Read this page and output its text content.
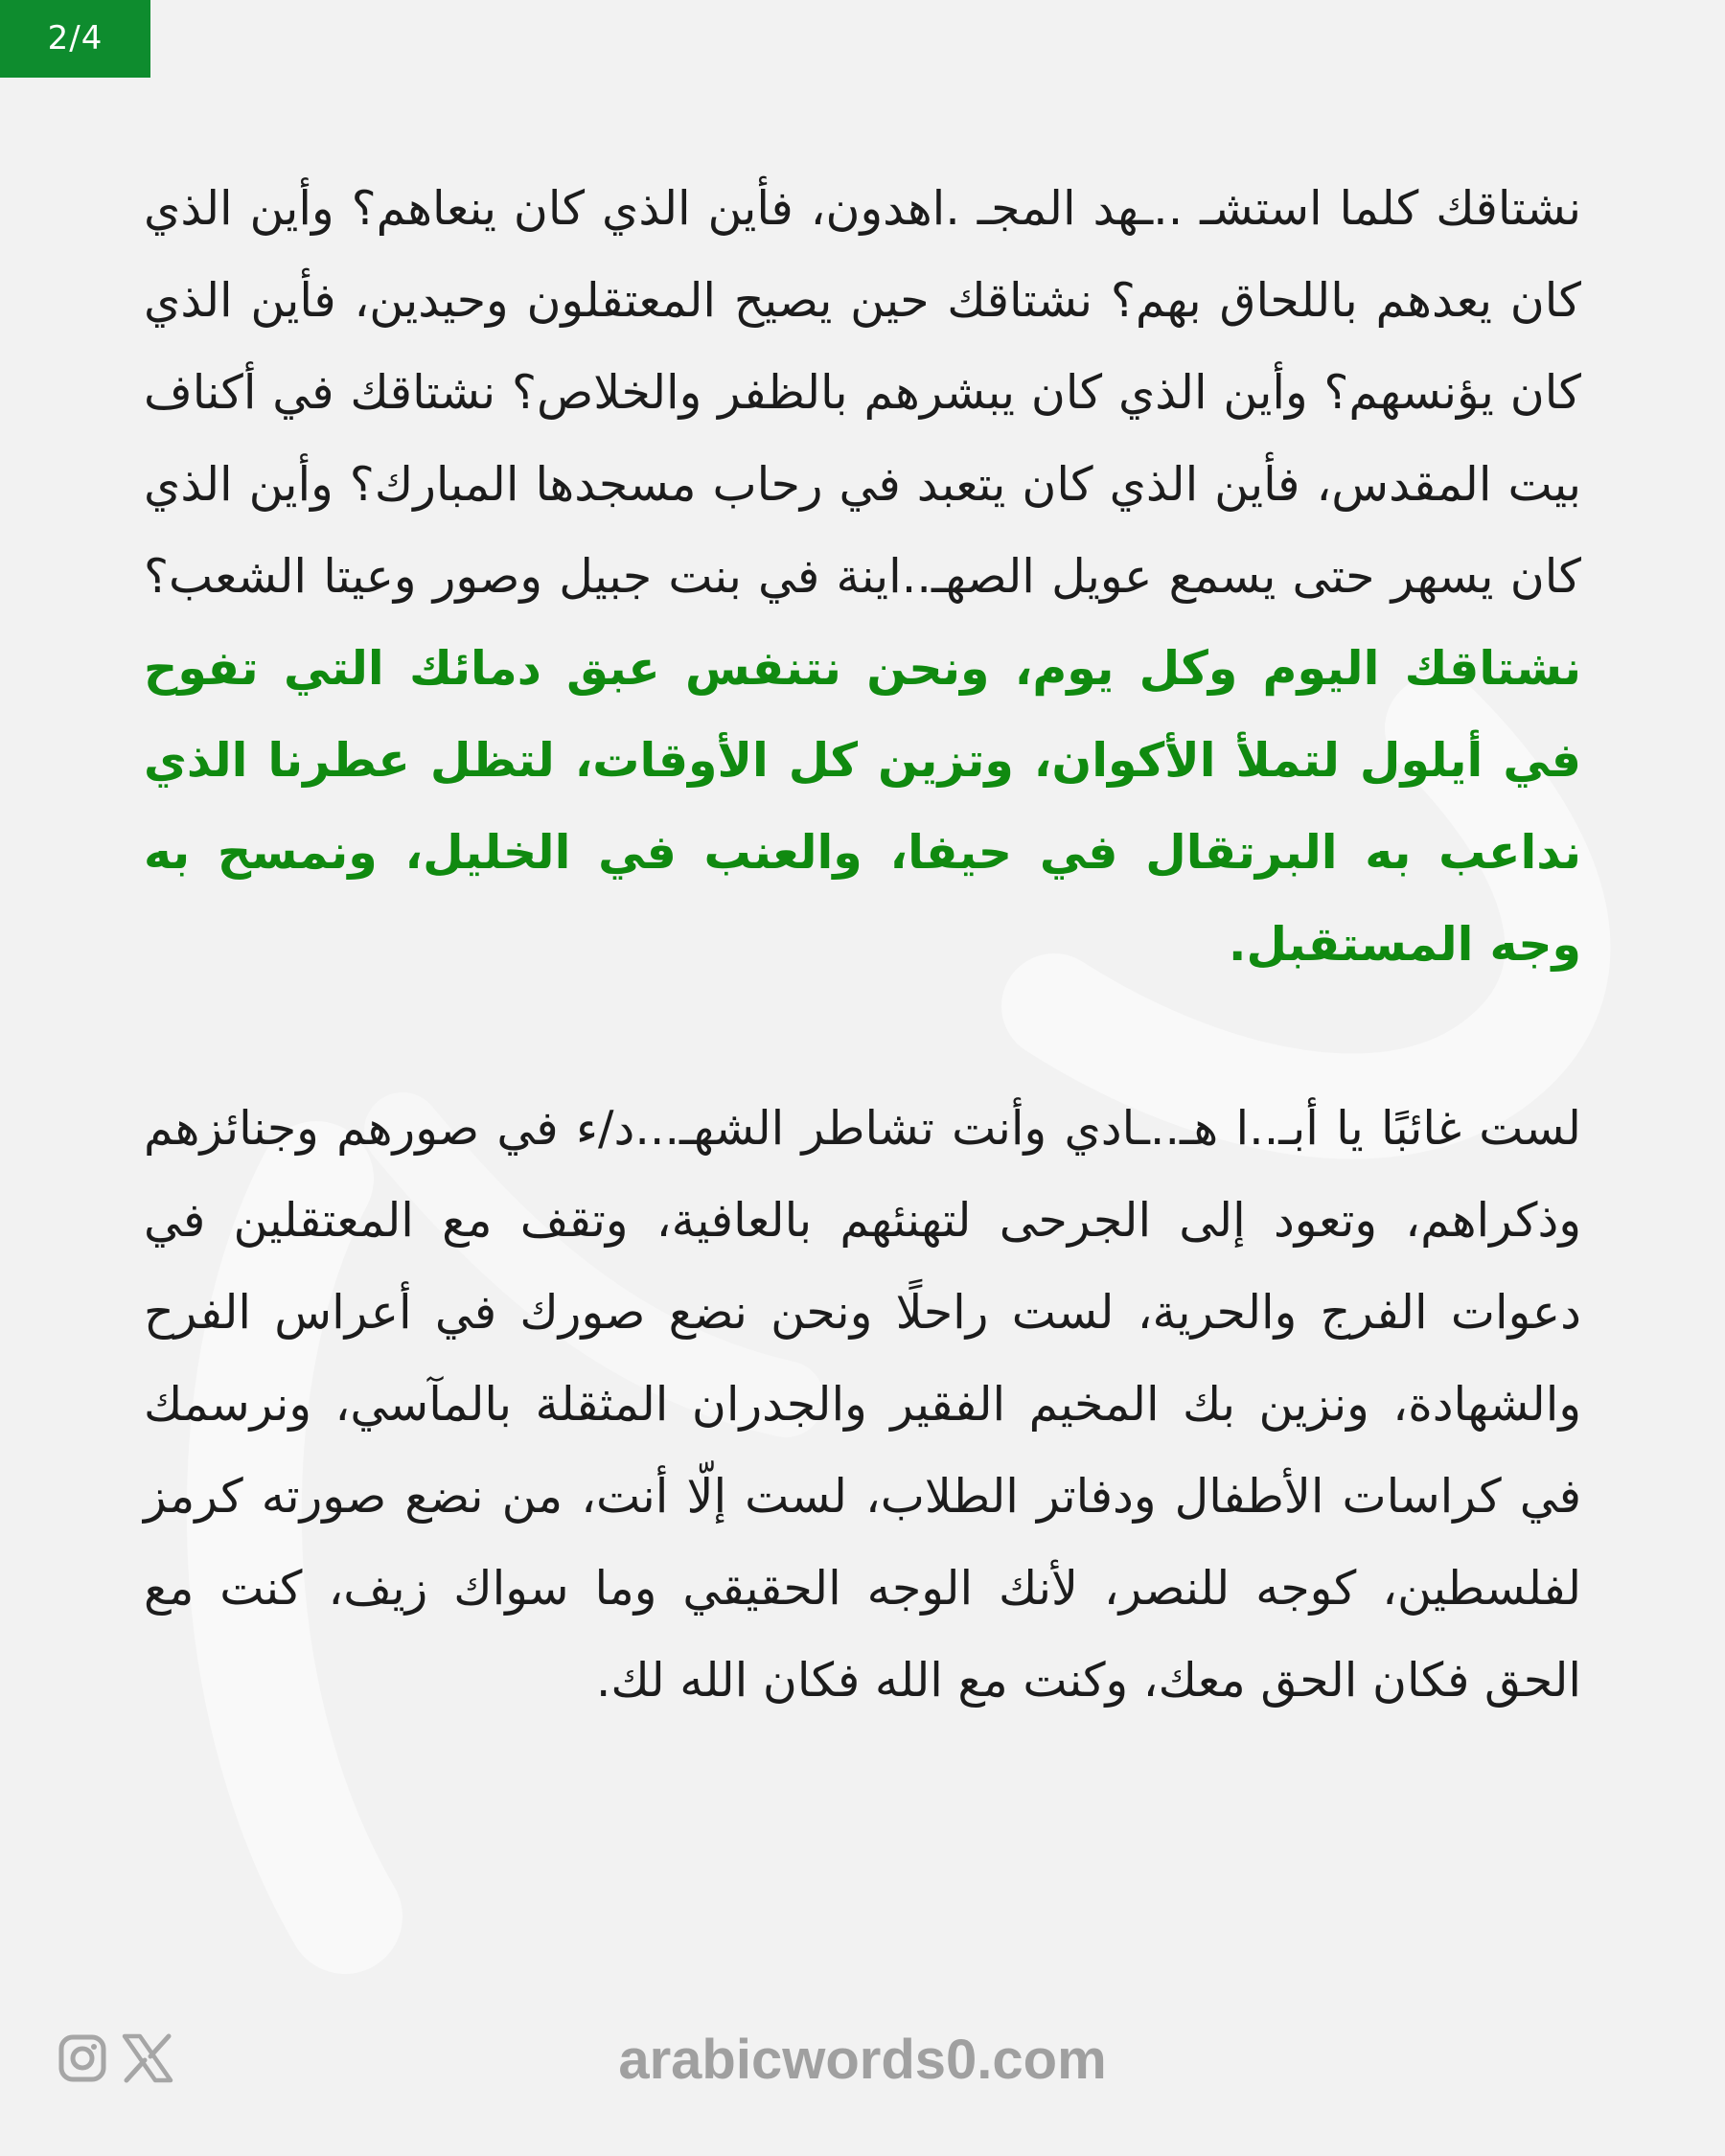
2/4

نشتاقك كلما استشـ ..ـهد المجـ .اهدون، فأين الذي كان ينعاهم؟ وأين الذي كان يعدهم باللحاق بهم؟ نشتاقك حين يصيح المعتقلون وحيدين، فأين الذي كان يؤنسهم؟ وأين الذي كان يبشرهم بالظفر والخلاص؟ نشتاقك في أكناف بيت المقدس، فأين الذي كان يتعبد في رحاب مسجدها المبارك؟ وأين الذي كان يسهر حتى يسمع عويل الصهـ..اينة في بنت جبيل وصور وعيتا الشعب؟ نشتاقك اليوم وكل يوم، ونحن نتنفس عبق دمائك التي تفوح في أيلول لتملأ الأكوان، وتزين كل الأوقات، لتظل عطرنا الذي نداعب به البرتقال في حيفا، والعنب في الخليل، ونمسح به وجه المستقبل.

لست غائبًا يا أبـ..ا هـ..ـادي وأنت تشاطر الشهـ...د/ء في صورهم وجنائزهم وذكراهم، وتعود إلى الجرحى لتهنئهم بالعافية، وتقف مع المعتقلين في دعوات الفرج والحرية، لست راحلًا ونحن نضع صورك في أعراس الفرح والشهادة، ونزين بك المخيم الفقير والجدران المثقلة بالمآسي، ونرسمك في كراسات الأطفال ودفاتر الطلاب، لست إلّا أنت، من نضع صورته كرمز لفلسطين، كوجه للنصر، لأنك الوجه الحقيقي وما سواك زيف، كنت مع الحق فكان الحق معك، وكنت مع الله فكان الله لك.

arabicwords0.com
